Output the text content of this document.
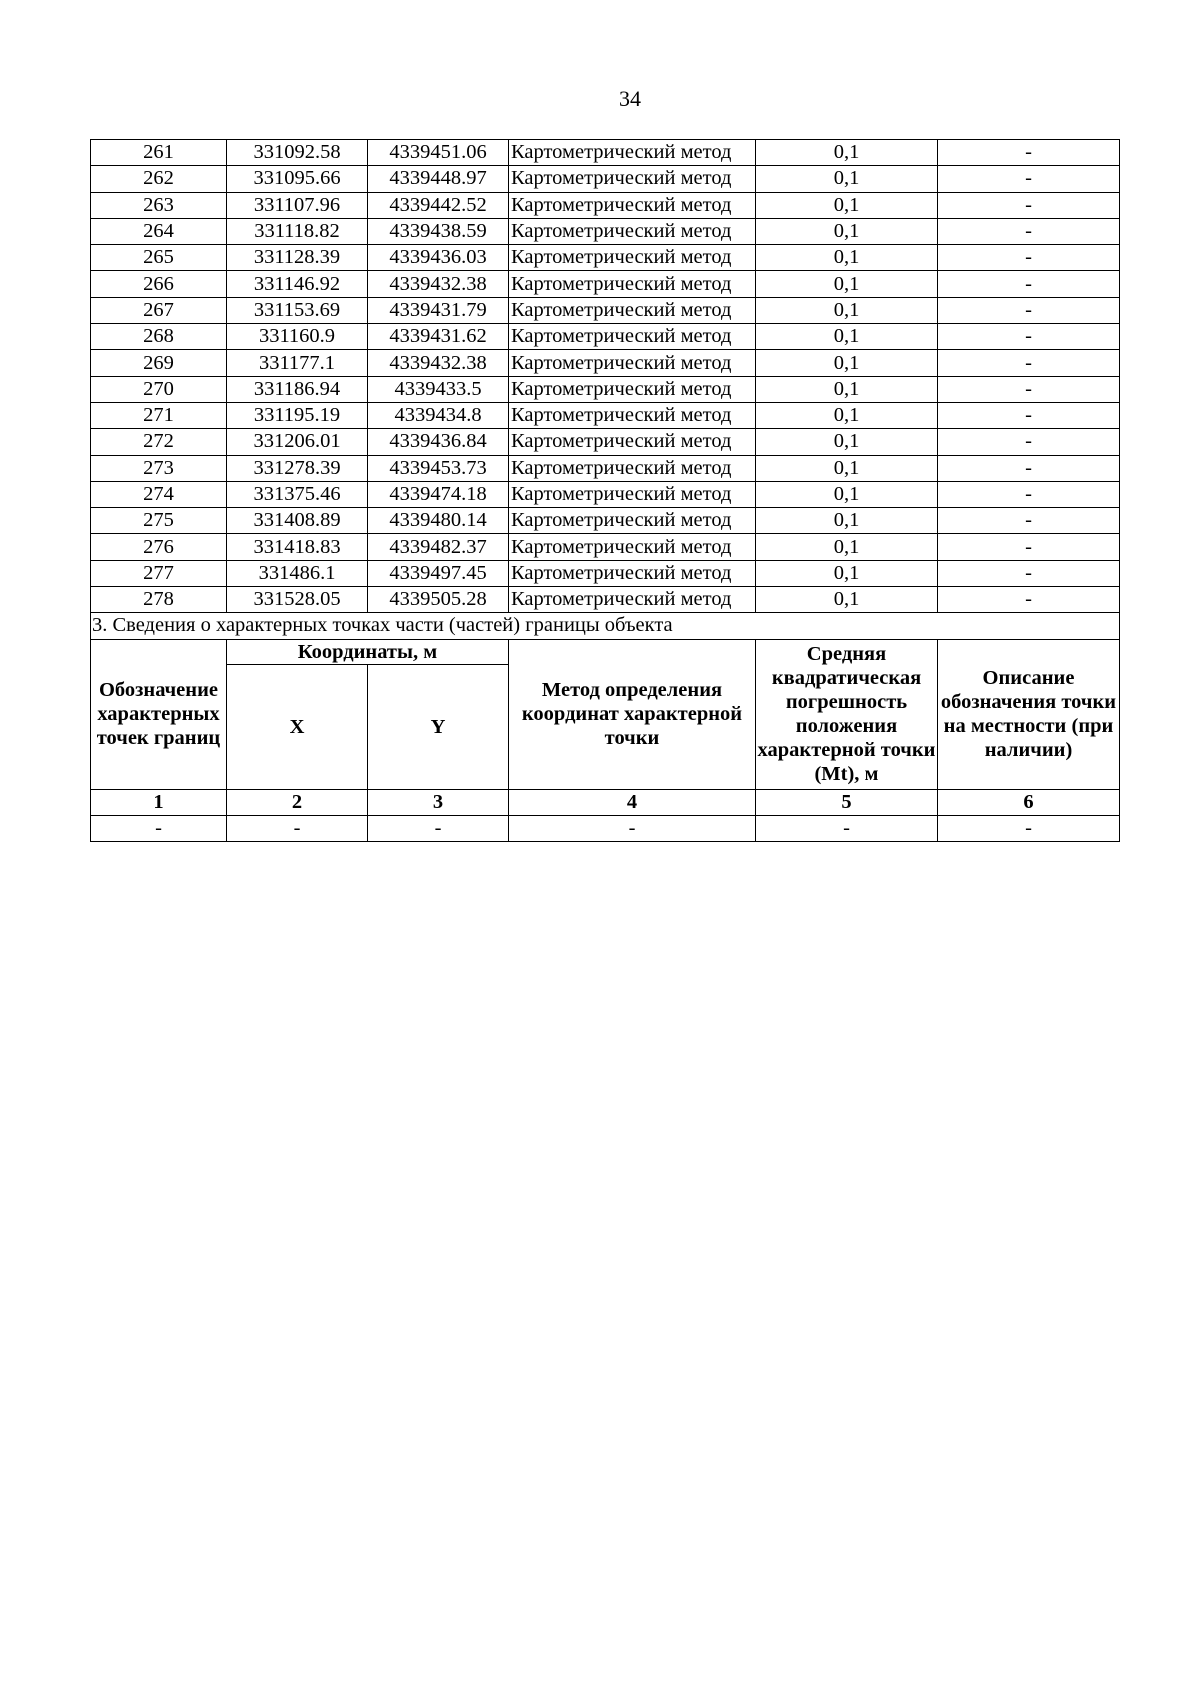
34
261	331092.58	4339451.06	Картометрический метод	0,1	-
262	331095.66	4339448.97	Картометрический метод	0,1	-
263	331107.96	4339442.52	Картометрический метод	0,1	-
264	331118.82	4339438.59	Картометрический метод	0,1	-
265	331128.39	4339436.03	Картометрический метод	0,1	-
266	331146.92	4339432.38	Картометрический метод	0,1	-
267	331153.69	4339431.79	Картометрический метод	0,1	-
268	331160.9	4339431.62	Картометрический метод	0,1	-
269	331177.1	4339432.38	Картометрический метод	0,1	-
270	331186.94	4339433.5	Картометрический метод	0,1	-
271	331195.19	4339434.8	Картометрический метод	0,1	-
272	331206.01	4339436.84	Картометрический метод	0,1	-
273	331278.39	4339453.73	Картометрический метод	0,1	-
274	331375.46	4339474.18	Картометрический метод	0,1	-
275	331408.89	4339480.14	Картометрический метод	0,1	-
276	331418.83	4339482.37	Картометрический метод	0,1	-
277	331486.1	4339497.45	Картометрический метод	0,1	-
278	331528.05	4339505.28	Картометрический метод	0,1	-
3. Сведения о характерных точках части (частей) границы объекта					
Обозначение характерных точек границ	Координаты, м		Метод определения координат характерной точки	Средняя квадратическая погрешность положения характерной точки (Mt), м	Описание обозначения точки на местности (при наличии)
	X	Y			
1	2	3	4	5	6
-	-	-	-	-	-
